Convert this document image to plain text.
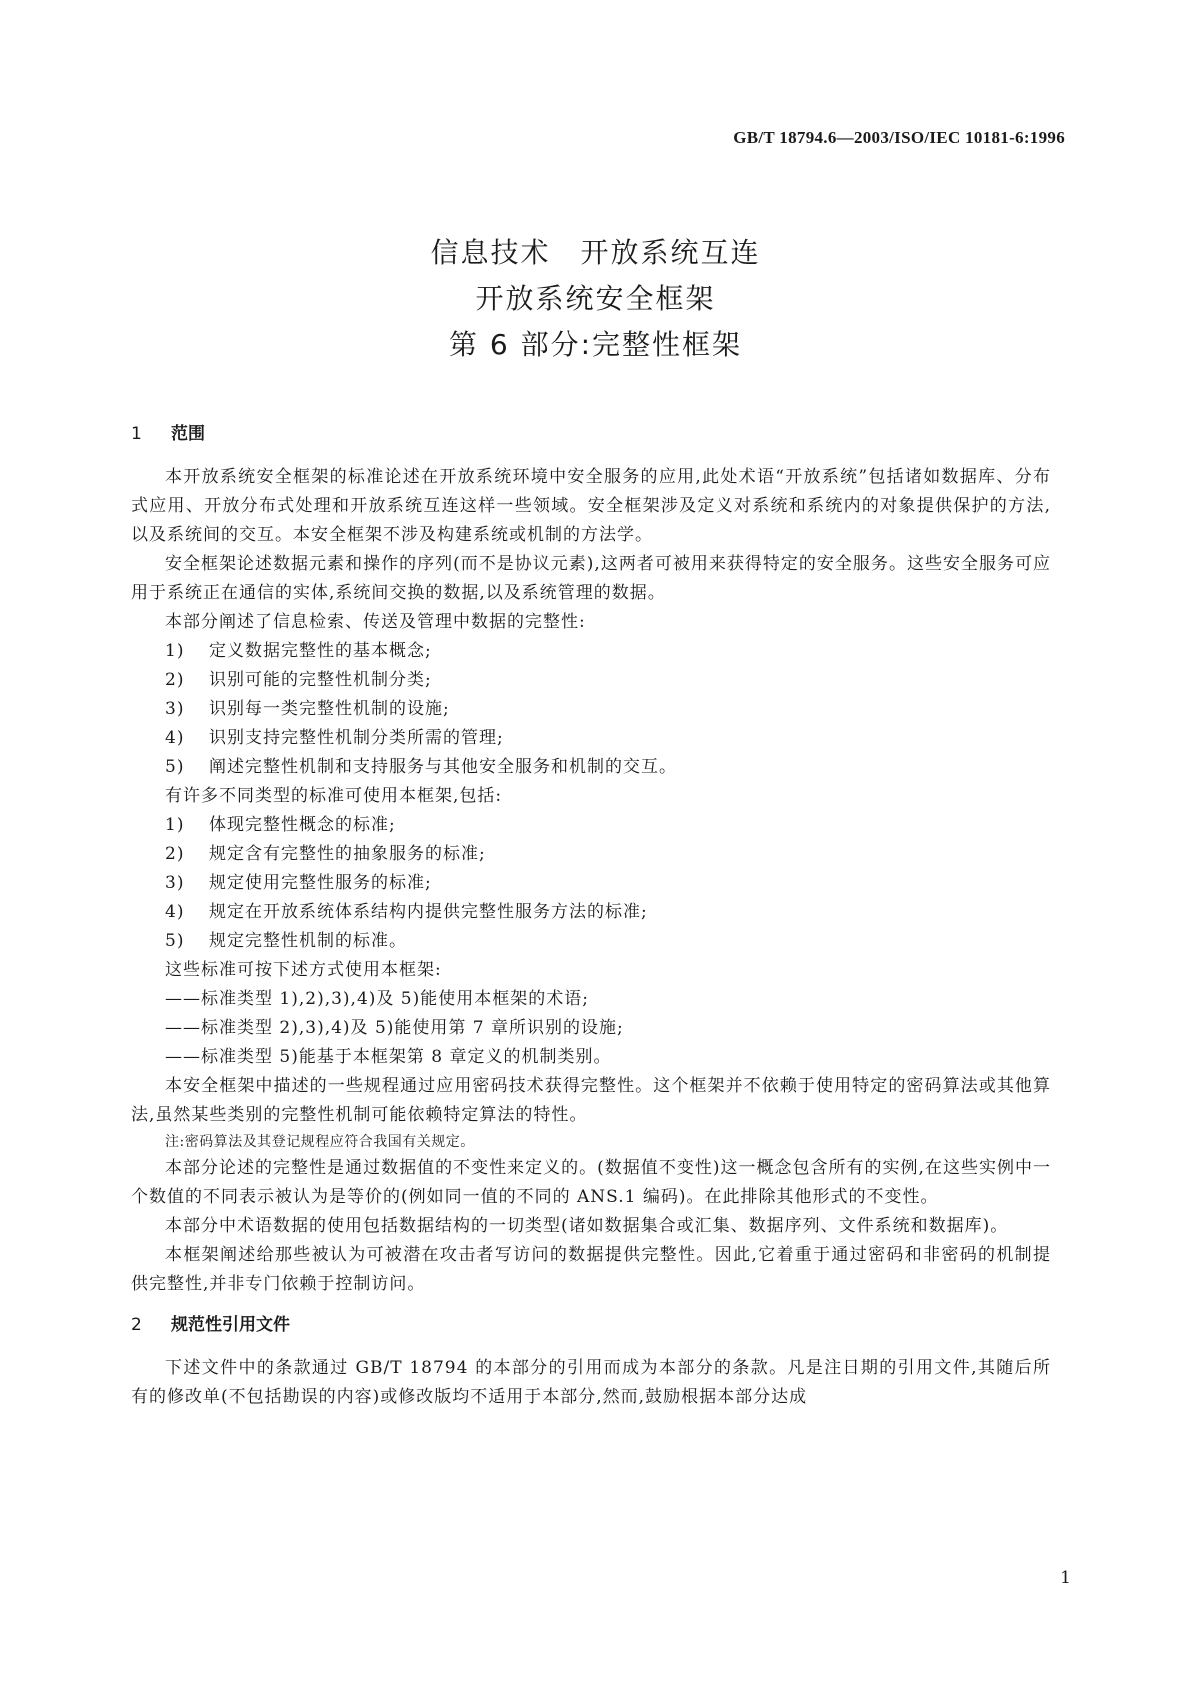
GB/T 18794.6—2003/ISO/IEC 10181-6:1996
信息技术 开放系统互连
开放系统安全框架
第 6 部分:完整性框架
1 范围

本开放系统安全框架的标准论述在开放系统环境中安全服务的应用,此处术语“开放系统”包括诸如数据库、分布式应用、开放分布式处理和开放系统互连这样一些领域。安全框架涉及定义对系统和系统内的对象提供保护的方法,以及系统间的交互。本安全框架不涉及构建系统或机制的方法学。

安全框架论述数据元素和操作的序列(而不是协议元素),这两者可被用来获得特定的安全服务。这些安全服务可应用于系统正在通信的实体,系统间交换的数据,以及系统管理的数据。

本部分阐述了信息检索、传送及管理中数据的完整性:

1) 定义数据完整性的基本概念;
2) 识别可能的完整性机制分类;
3) 识别每一类完整性机制的设施;
4) 识别支持完整性机制分类所需的管理;
5) 阐述完整性机制和支持服务与其他安全服务和机制的交互。

有许多不同类型的标准可使用本框架,包括:

1) 体现完整性概念的标准;
2) 规定含有完整性的抽象服务的标准;
3) 规定使用完整性服务的标准;
4) 规定在开放系统体系结构内提供完整性服务方法的标准;
5) 规定完整性机制的标准。

这些标准可按下述方式使用本框架:

——标准类型 1),2),3),4)及 5)能使用本框架的术语;
——标准类型 2),3),4)及 5)能使用第 7 章所识别的设施;
——标准类型 5)能基于本框架第 8 章定义的机制类别。

本安全框架中描述的一些规程通过应用密码技术获得完整性。这个框架并不依赖于使用特定的密码算法或其他算法,虽然某些类别的完整性机制可能依赖特定算法的特性。

注:密码算法及其登记规程应符合我国有关规定。

本部分论述的完整性是通过数据值的不变性来定义的。(数据值不变性)这一概念包含所有的实例,在这些实例中一个数值的不同表示被认为是等价的(例如同一值的不同的 ANS.1 编码)。在此排除其他形式的不变性。

本部分中术语数据的使用包括数据结构的一切类型(诸如数据集合或汇集、数据序列、文件系统和数据库)。

本框架阐述给那些被认为可被潜在攻击者写访问的数据提供完整性。因此,它着重于通过密码和非密码的机制提供完整性,并非专门依赖于控制访问。

2 规范性引用文件

下述文件中的条款通过 GB/T 18794 的本部分的引用而成为本部分的条款。凡是注日期的引用文件,其随后所有的修改单(不包括勘误的内容)或修改版均不适用于本部分,然而,鼓励根据本部分达成

1
